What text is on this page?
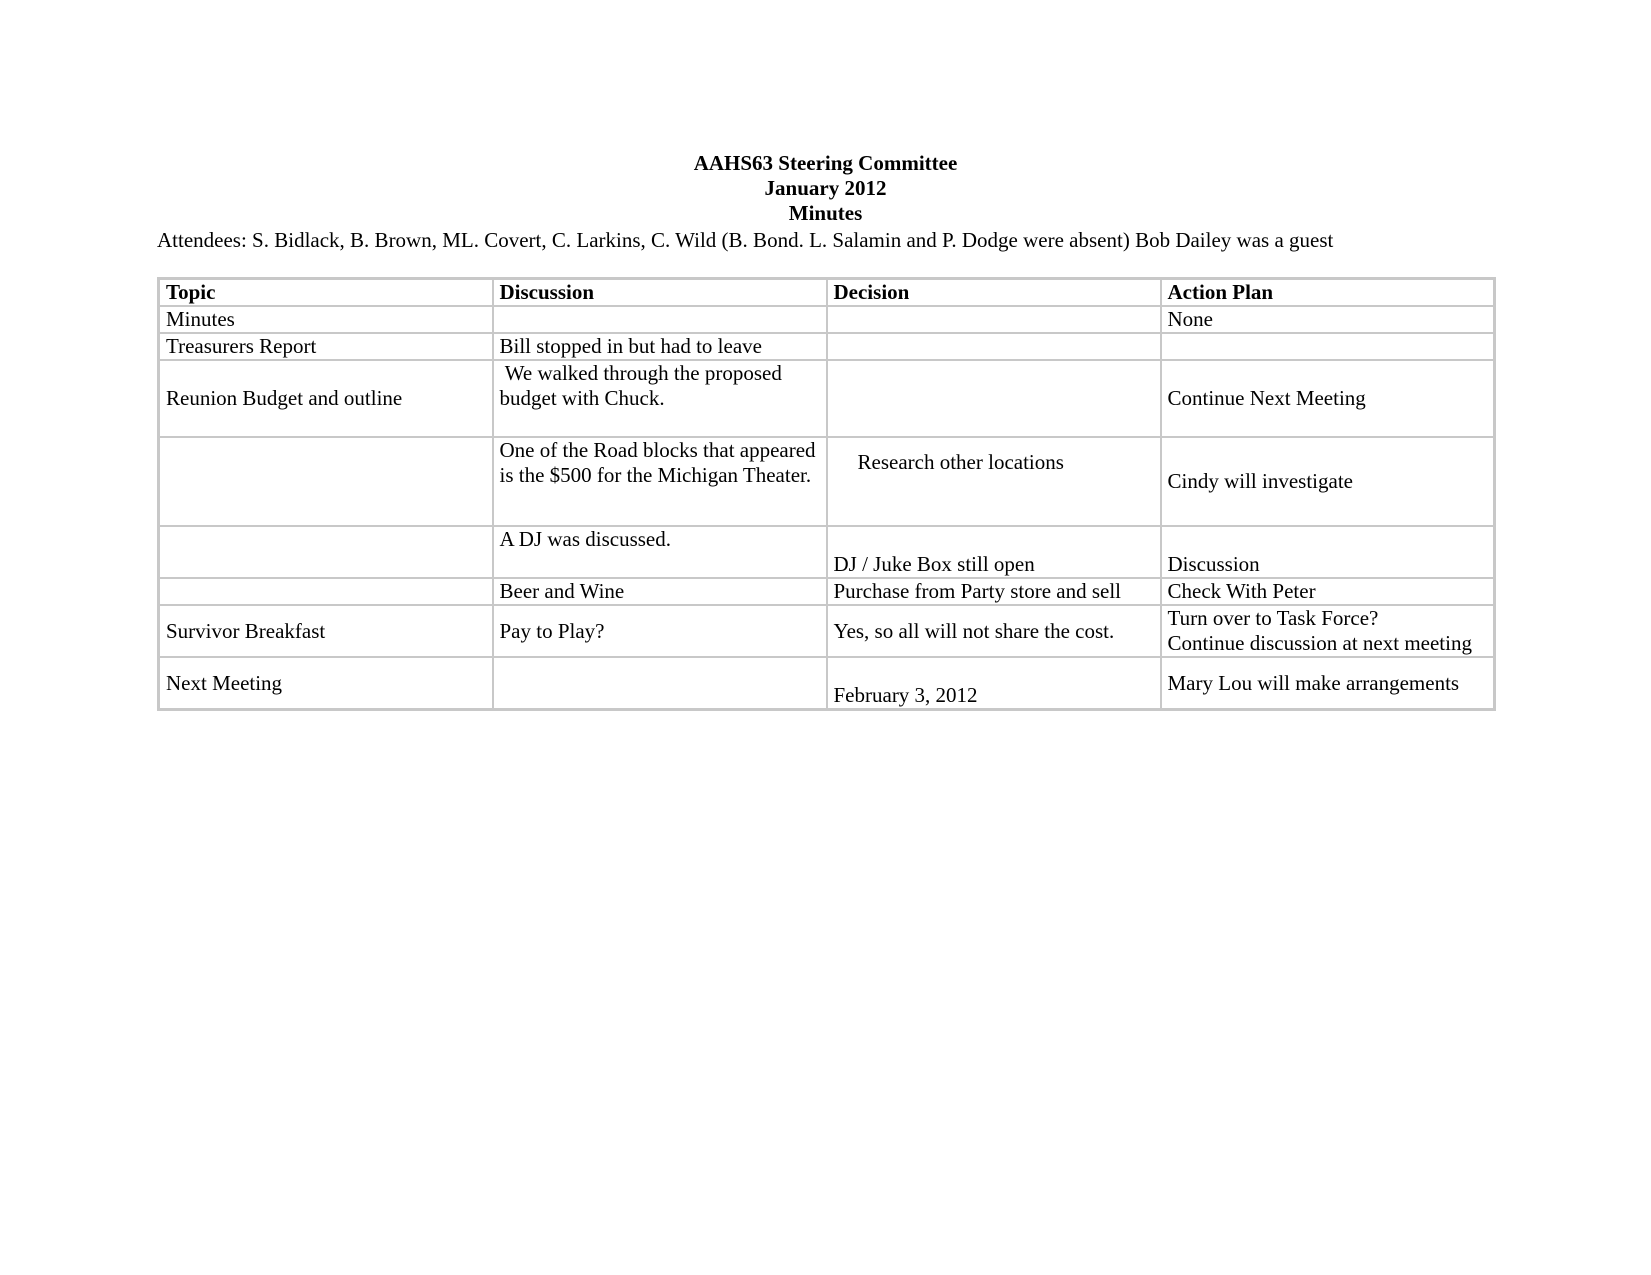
AAHS63 Steering Committee
January 2012
Minutes
Attendees: S. Bidlack, B. Brown, ML. Covert, C. Larkins, C. Wild (B. Bond. L. Salamin and P. Dodge were absent) Bob Dailey was a guest
Topic	Discussion	Decision	Action Plan
Minutes			None
Treasurers Report	Bill stopped in but had to leave		
Reunion Budget and outline	We walked through the proposed budget with Chuck.		Continue Next Meeting
	One of the Road blocks that appeared is the $500 for the Michigan Theater.	Research other locations	Cindy will investigate
	A DJ was discussed.	DJ / Juke Box still open	Discussion
	Beer and Wine	Purchase from Party store and sell	Check With Peter
Survivor Breakfast	Pay to Play?	Yes, so all will not share the cost.	Turn over to Task Force?
Continue discussion at next meeting

Next Meeting		February 3, 2012	Mary Lou will make arrangements
